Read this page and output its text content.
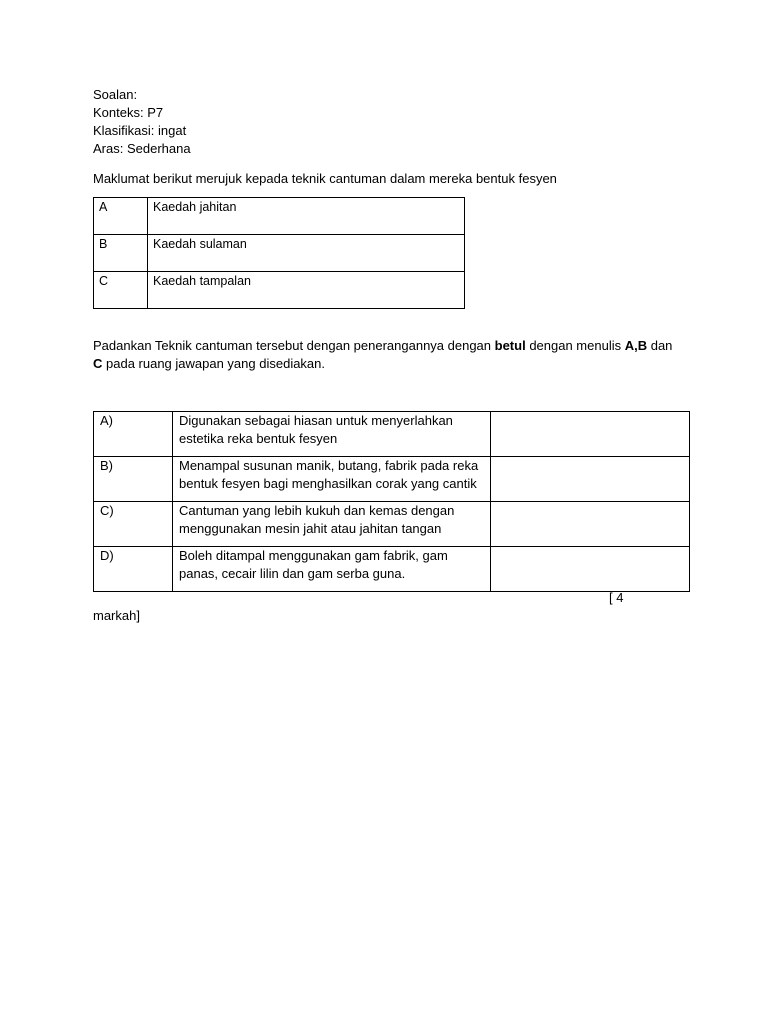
Soalan:
Konteks: P7
Klasifikasi: ingat
Aras: Sederhana
Maklumat berikut merujuk kepada teknik cantuman dalam mereka bentuk fesyen
A	Kaedah jahitan
B	Kaedah sulaman
C	Kaedah tampalan
Padankan Teknik cantuman tersebut dengan penerangannya dengan betul dengan menulis A,B dan
C pada ruang jawapan yang disediakan.
A)	Digunakan sebagai hiasan untuk menyerlahkan estetika reka bentuk fesyen	
B)	Menampal susunan manik, butang, fabrik pada reka bentuk fesyen bagi menghasilkan corak yang cantik	
C)	Cantuman yang lebih kukuh dan kemas dengan menggunakan mesin jahit atau jahitan tangan	
D)	Boleh ditampal menggunakan gam fabrik, gam panas, cecair lilin dan gam serba guna.	
[ 4
markah]
